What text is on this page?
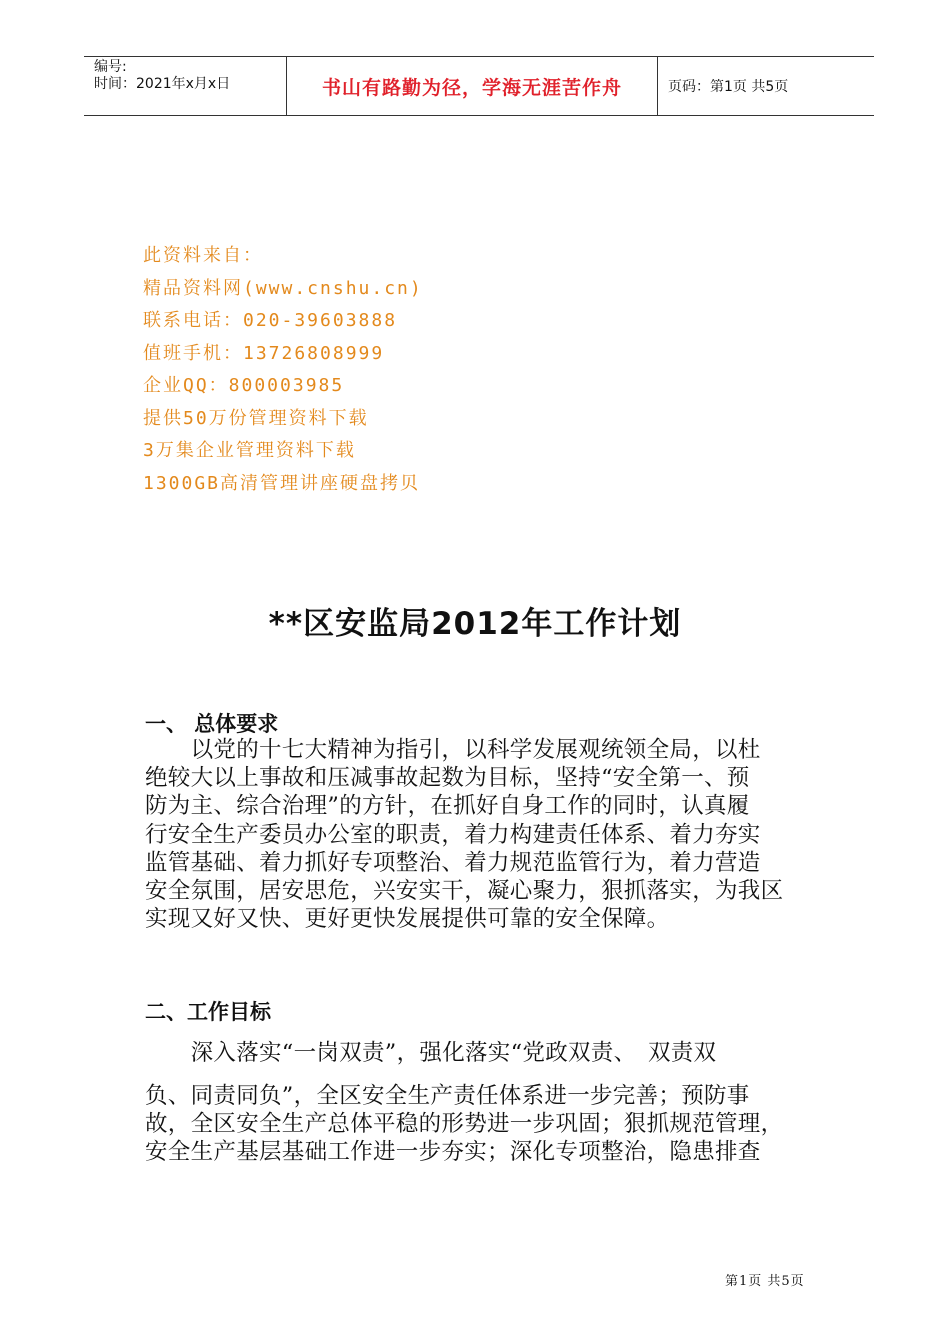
编号:
时间：2021年x月x日	书山有路勤为径，学海无涯苦作舟	页码：第1页 共5页
此资料来自：
精品资料网(www.cnshu.cn)
联系电话：020-39603888
值班手机：13726808999
企业QQ：800003985
提供50万份管理资料下载
3万集企业管理资料下载
1300GB高清管理讲座硬盘拷贝
**区安监局2012年工作计划
一、 总体要求
　　以党的十七大精神为指引，以科学发展观统领全局，以杜
绝较大以上事故和压减事故起数为目标，坚持“安全第一、预
防为主、综合治理”的方针，在抓好自身工作的同时，认真履
行安全生产委员办公室的职责，着力构建责任体系、着力夯实
监管基础、着力抓好专项整治、着力规范监管行为，着力营造
安全氛围，居安思危，兴安实干，凝心聚力，狠抓落实，为我区
实现又好又快、更好更快发展提供可靠的安全保障。
二、工作目标
　　深入落实“一岗双责”，强化落实“党政双责、　双责双
负、同责同负”，全区安全生产责任体系进一步完善；预防事
故，全区安全生产总体平稳的形势进一步巩固；狠抓规范管理，
安全生产基层基础工作进一步夯实；深化专项整治，隐患排查
第1页 共5页
